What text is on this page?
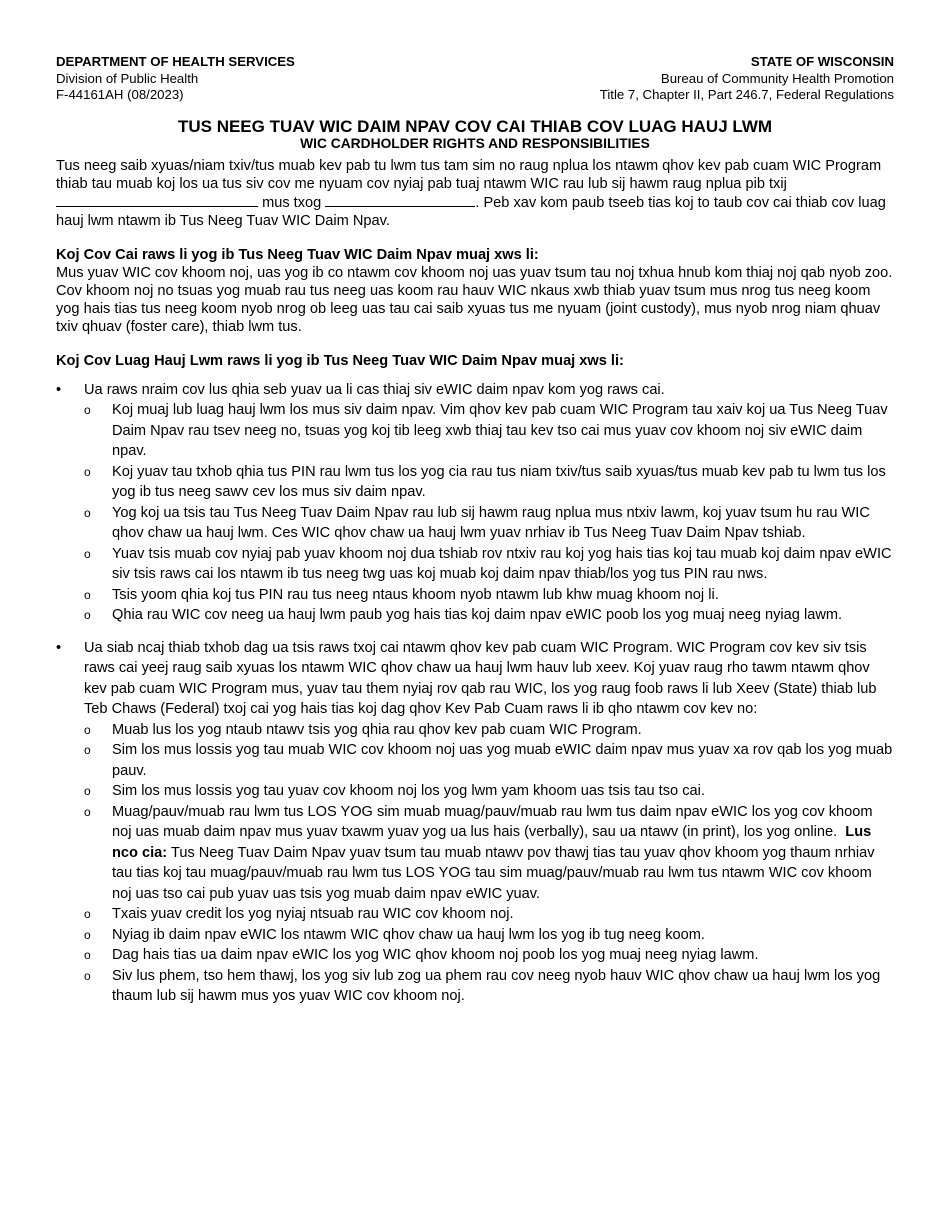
DEPARTMENT OF HEALTH SERVICES
Division of Public Health
F-44161AH (08/2023)
STATE OF WISCONSIN
Bureau of Community Health Promotion
Title 7, Chapter II, Part 246.7, Federal Regulations
TUS NEEG TUAV WIC DAIM NPAV COV CAI THIAB COV LUAG HAUJ LWM
WIC CARDHOLDER RIGHTS AND RESPONSIBILITIES

Tus neeg saib xyuas/niam txiv/tus muab kev pab tu lwm tus tam sim no raug nplua los ntawm qhov kev pab cuam WIC Program thiab tau muab koj los ua tus siv cov me nyuam cov nyiaj pab tuaj ntawm WIC rau lub sij hawm raug nplua pib txij  mus txog	. Peb xav kom paub tseeb tias koj to taub cov cai thiab cov luag hauj lwm ntawm ib Tus Neeg Tuav WIC Daim Npav.

Koj Cov Cai raws li yog ib Tus Neeg Tuav WIC Daim Npav muaj xws li:

Mus yuav WIC cov khoom noj, uas yog ib co ntawm cov khoom noj uas yuav tsum tau noj txhua hnub kom thiaj noj qab nyob zoo. Cov khoom noj no tsuas yog muab rau tus neeg uas koom rau hauv WIC nkaus xwb thiab yuav tsum mus nrog tus neeg koom yog hais tias tus neeg koom nyob nrog ob leeg uas tau cai saib xyuas tus me nyuam (joint custody), mus nyob nrog niam qhuav txiv qhuav (foster care), thiab lwm tus.

Koj Cov Luag Hauj Lwm raws li yog ib Tus Neeg Tuav WIC Daim Npav muaj xws li:
• Ua raws nraim cov lus qhia seb yuav ua li cas thiaj siv eWIC daim npav kom yog raws cai.
o Koj muaj lub luag hauj lwm los mus siv daim npav. Vim qhov kev pab cuam WIC Program tau xaiv koj ua Tus Neeg Tuav Daim Npav rau tsev neeg no, tsuas yog koj tib leeg xwb thiaj tau kev tso cai mus yuav cov khoom noj siv eWIC daim npav.
o Koj yuav tau txhob qhia tus PIN rau lwm tus los yog cia rau tus niam txiv/tus saib xyuas/tus muab kev pab tu lwm tus los yog ib tus neeg sawv cev los mus siv daim npav.
o Yog koj ua tsis tau Tus Neeg Tuav Daim Npav rau lub sij hawm raug nplua mus ntxiv lawm, koj yuav tsum hu rau WIC qhov chaw ua hauj lwm. Ces WIC qhov chaw ua hauj lwm yuav nrhiav ib Tus Neeg Tuav Daim Npav tshiab.
o Yuav tsis muab cov nyiaj pab yuav khoom noj dua tshiab rov ntxiv rau koj yog hais tias koj tau muab koj daim npav eWIC siv tsis raws cai los ntawm ib tus neeg twg uas koj muab koj daim npav thiab/los yog tus PIN rau nws.
o Tsis yoom qhia koj tus PIN rau tus neeg ntaus khoom nyob ntawm lub khw muag khoom noj li.
o Qhia rau WIC cov neeg ua hauj lwm paub yog hais tias koj daim npav eWIC poob los yog muaj neeg nyiag lawm.
• Ua siab ncaj thiab txhob dag ua tsis raws txoj cai ntawm qhov kev pab cuam WIC Program. WIC Program cov kev siv tsis raws cai yeej raug saib xyuas los ntawm WIC qhov chaw ua hauj lwm hauv lub xeev. Koj yuav raug rho tawm ntawm qhov kev pab cuam WIC Program mus, yuav tau them nyiaj rov qab rau WIC, los yog raug foob raws li lub Xeev (State) thiab lub Teb Chaws (Federal) txoj cai yog hais tias koj dag qhov Kev Pab Cuam raws li ib qho ntawm cov kev no:
o Muab lus los yog ntaub ntawv tsis yog qhia rau qhov kev pab cuam WIC Program.
o Sim los mus lossis yog tau muab WIC cov khoom noj uas yog muab eWIC daim npav mus yuav xa rov qab los yog muab pauv.
o Sim los mus lossis yog tau yuav cov khoom noj los yog lwm yam khoom uas tsis tau tso cai.
o Muag/pauv/muab rau lwm tus LOS YOG sim muab muag/pauv/muab rau lwm tus daim npav eWIC los yog cov khoom noj uas muab daim npav mus yuav txawm yuav yog ua lus hais (verbally), sau ua ntawv (in print), los yog online. Lus nco cia: Tus Neeg Tuav Daim Npav yuav tsum tau muab ntawv pov thawj tias tau yuav qhov khoom yog thaum nrhiav tau tias koj tau muag/pauv/muab rau lwm tus LOS YOG tau sim muag/pauv/muab rau lwm tus ntawm WIC cov khoom noj uas tso cai pub yuav uas tsis yog muab daim npav eWIC yuav.
o Txais yuav credit los yog nyiaj ntsuab rau WIC cov khoom noj.
o Nyiag ib daim npav eWIC los ntawm WIC qhov chaw ua hauj lwm los yog ib tug neeg koom.
o Dag hais tias ua daim npav eWIC los yog WIC qhov khoom noj poob los yog muaj neeg nyiag lawm.
o Siv lus phem, tso hem thawj, los yog siv lub zog ua phem rau cov neeg nyob hauv WIC qhov chaw ua hauj lwm los yog thaum lub sij hawm mus yos yuav WIC cov khoom noj.
